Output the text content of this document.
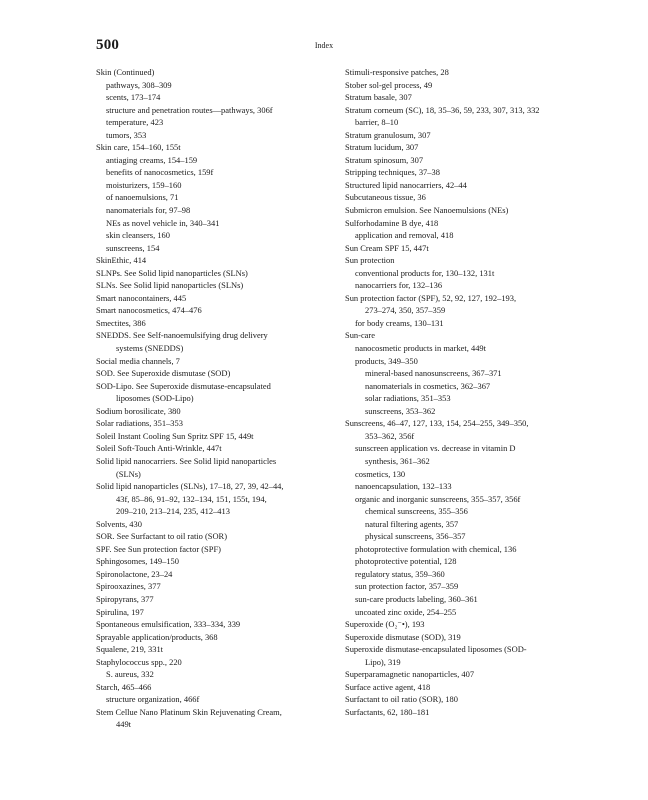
500	Index
Skin (Continued)
pathways, 308–309
scents, 173–174
structure and penetration routes—pathways, 306f
temperature, 423
tumors, 353
Skin care, 154–160, 155t
antiaging creams, 154–159
benefits of nanocosmetics, 159f
moisturizers, 159–160
of nanoemulsions, 71
nanomaterials for, 97–98
NEs as novel vehicle in, 340–341
skin cleansers, 160
sunscreens, 154
SkinEthic, 414
SLNPs. See Solid lipid nanoparticles (SLNs)
SLNs. See Solid lipid nanoparticles (SLNs)
Smart nanocontainers, 445
Smart nanocosmetics, 474–476
Smectites, 386
SNEDDS. See Self-nanoemulsifying drug delivery
systems (SNEDDS)
Social media channels, 7
SOD. See Superoxide dismutase (SOD)
SOD-Lipo. See Superoxide dismutase-encapsulated
liposomes (SOD-Lipo)
Sodium borosilicate, 380
Solar radiations, 351–353
Soleil Instant Cooling Sun Spritz SPF 15, 449t
Soleil Soft-Touch Anti-Wrinkle, 447t
Solid lipid nanocarriers. See Solid lipid nanoparticles
(SLNs)
Solid lipid nanoparticles (SLNs), 17–18, 27, 39, 42–44,
43f, 85–86, 91–92, 132–134, 151, 155t, 194,
209–210, 213–214, 235, 412–413
Solvents, 430
SOR. See Surfactant to oil ratio (SOR)
SPF. See Sun protection factor (SPF)
Sphingosomes, 149–150
Spironolactone, 23–24
Spirooxazines, 377
Spiropyrans, 377
Spirulina, 197
Spontaneous emulsification, 333–334, 339
Sprayable application/products, 368
Squalene, 219, 331t
Staphylococcus spp., 220
S. aureus, 332
Starch, 465–466
structure organization, 466f
Stem Cellue Nano Platinum Skin Rejuvenating Cream,
449t
Stimuli-responsive patches, 28
Stober sol-gel process, 49
Stratum basale, 307
Stratum corneum (SC), 18, 35–36, 59, 233, 307, 313, 332
barrier, 8–10
Stratum granulosum, 307
Stratum lucidum, 307
Stratum spinosum, 307
Stripping techniques, 37–38
Structured lipid nanocarriers, 42–44
Subcutaneous tissue, 36
Submicron emulsion. See Nanoemulsions (NEs)
Sulforhodamine B dye, 418
application and removal, 418
Sun Cream SPF 15, 447t
Sun protection
conventional products for, 130–132, 131t
nanocarriers for, 132–136
Sun protection factor (SPF), 52, 92, 127, 192–193,
273–274, 350, 357–359
for body creams, 130–131
Sun-care
nanocosmetic products in market, 449t
products, 349–350
mineral-based nanosunscreens, 367–371
nanomaterials in cosmetics, 362–367
solar radiations, 351–353
sunscreens, 353–362
Sunscreens, 46–47, 127, 133, 154, 254–255, 349–350,
353–362, 356f
sunscreen application vs. decrease in vitamin D
synthesis, 361–362
cosmetics, 130
nanoencapsulation, 132–133
organic and inorganic sunscreens, 355–357, 356f
chemical sunscreens, 355–356
natural filtering agents, 357
physical sunscreens, 356–357
photoprotective formulation with chemical, 136
photoprotective potential, 128
regulatory status, 359–360
sun protection factor, 357–359
sun-care products labeling, 360–361
uncoated zinc oxide, 254–255
Superoxide (O₂⁻•), 193
Superoxide dismutase (SOD), 319
Superoxide dismutase-encapsulated liposomes (SOD-
Lipo), 319
Superparamagnetic nanoparticles, 407
Surface active agent, 418
Surfactant to oil ratio (SOR), 180
Surfactants, 62, 180–181
